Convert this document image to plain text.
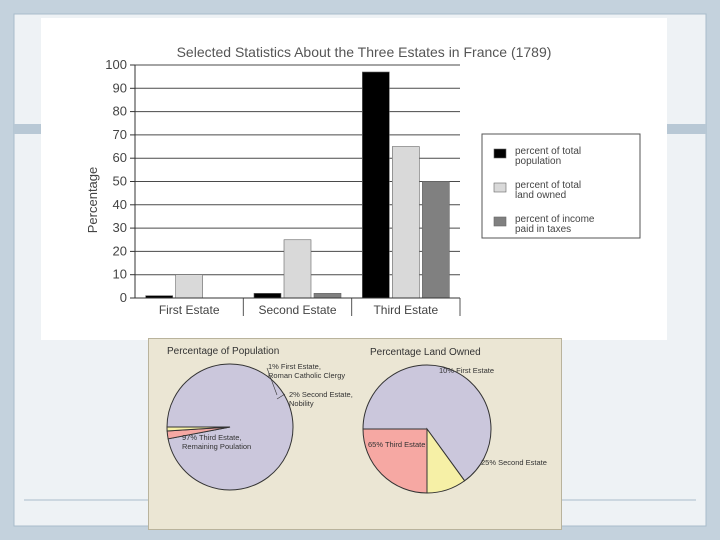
Selected Statistics About the Three Estates in France (1789)
Percentage
0
10
20
30
40
50
60
70
80
90
100
First Estate	Second Estate	Third Estate
percent of total
population
percent of total
land owned
percent of income
paid in taxes
Percentage of Population	Percentage Land Owned
97% Third Estate,
Remaining Poulation
2% Second Estate,
Nobility
1% First Estate,
Roman Catholic Clergy
65% Third Estate
10% First Estate
25% Second Estate
